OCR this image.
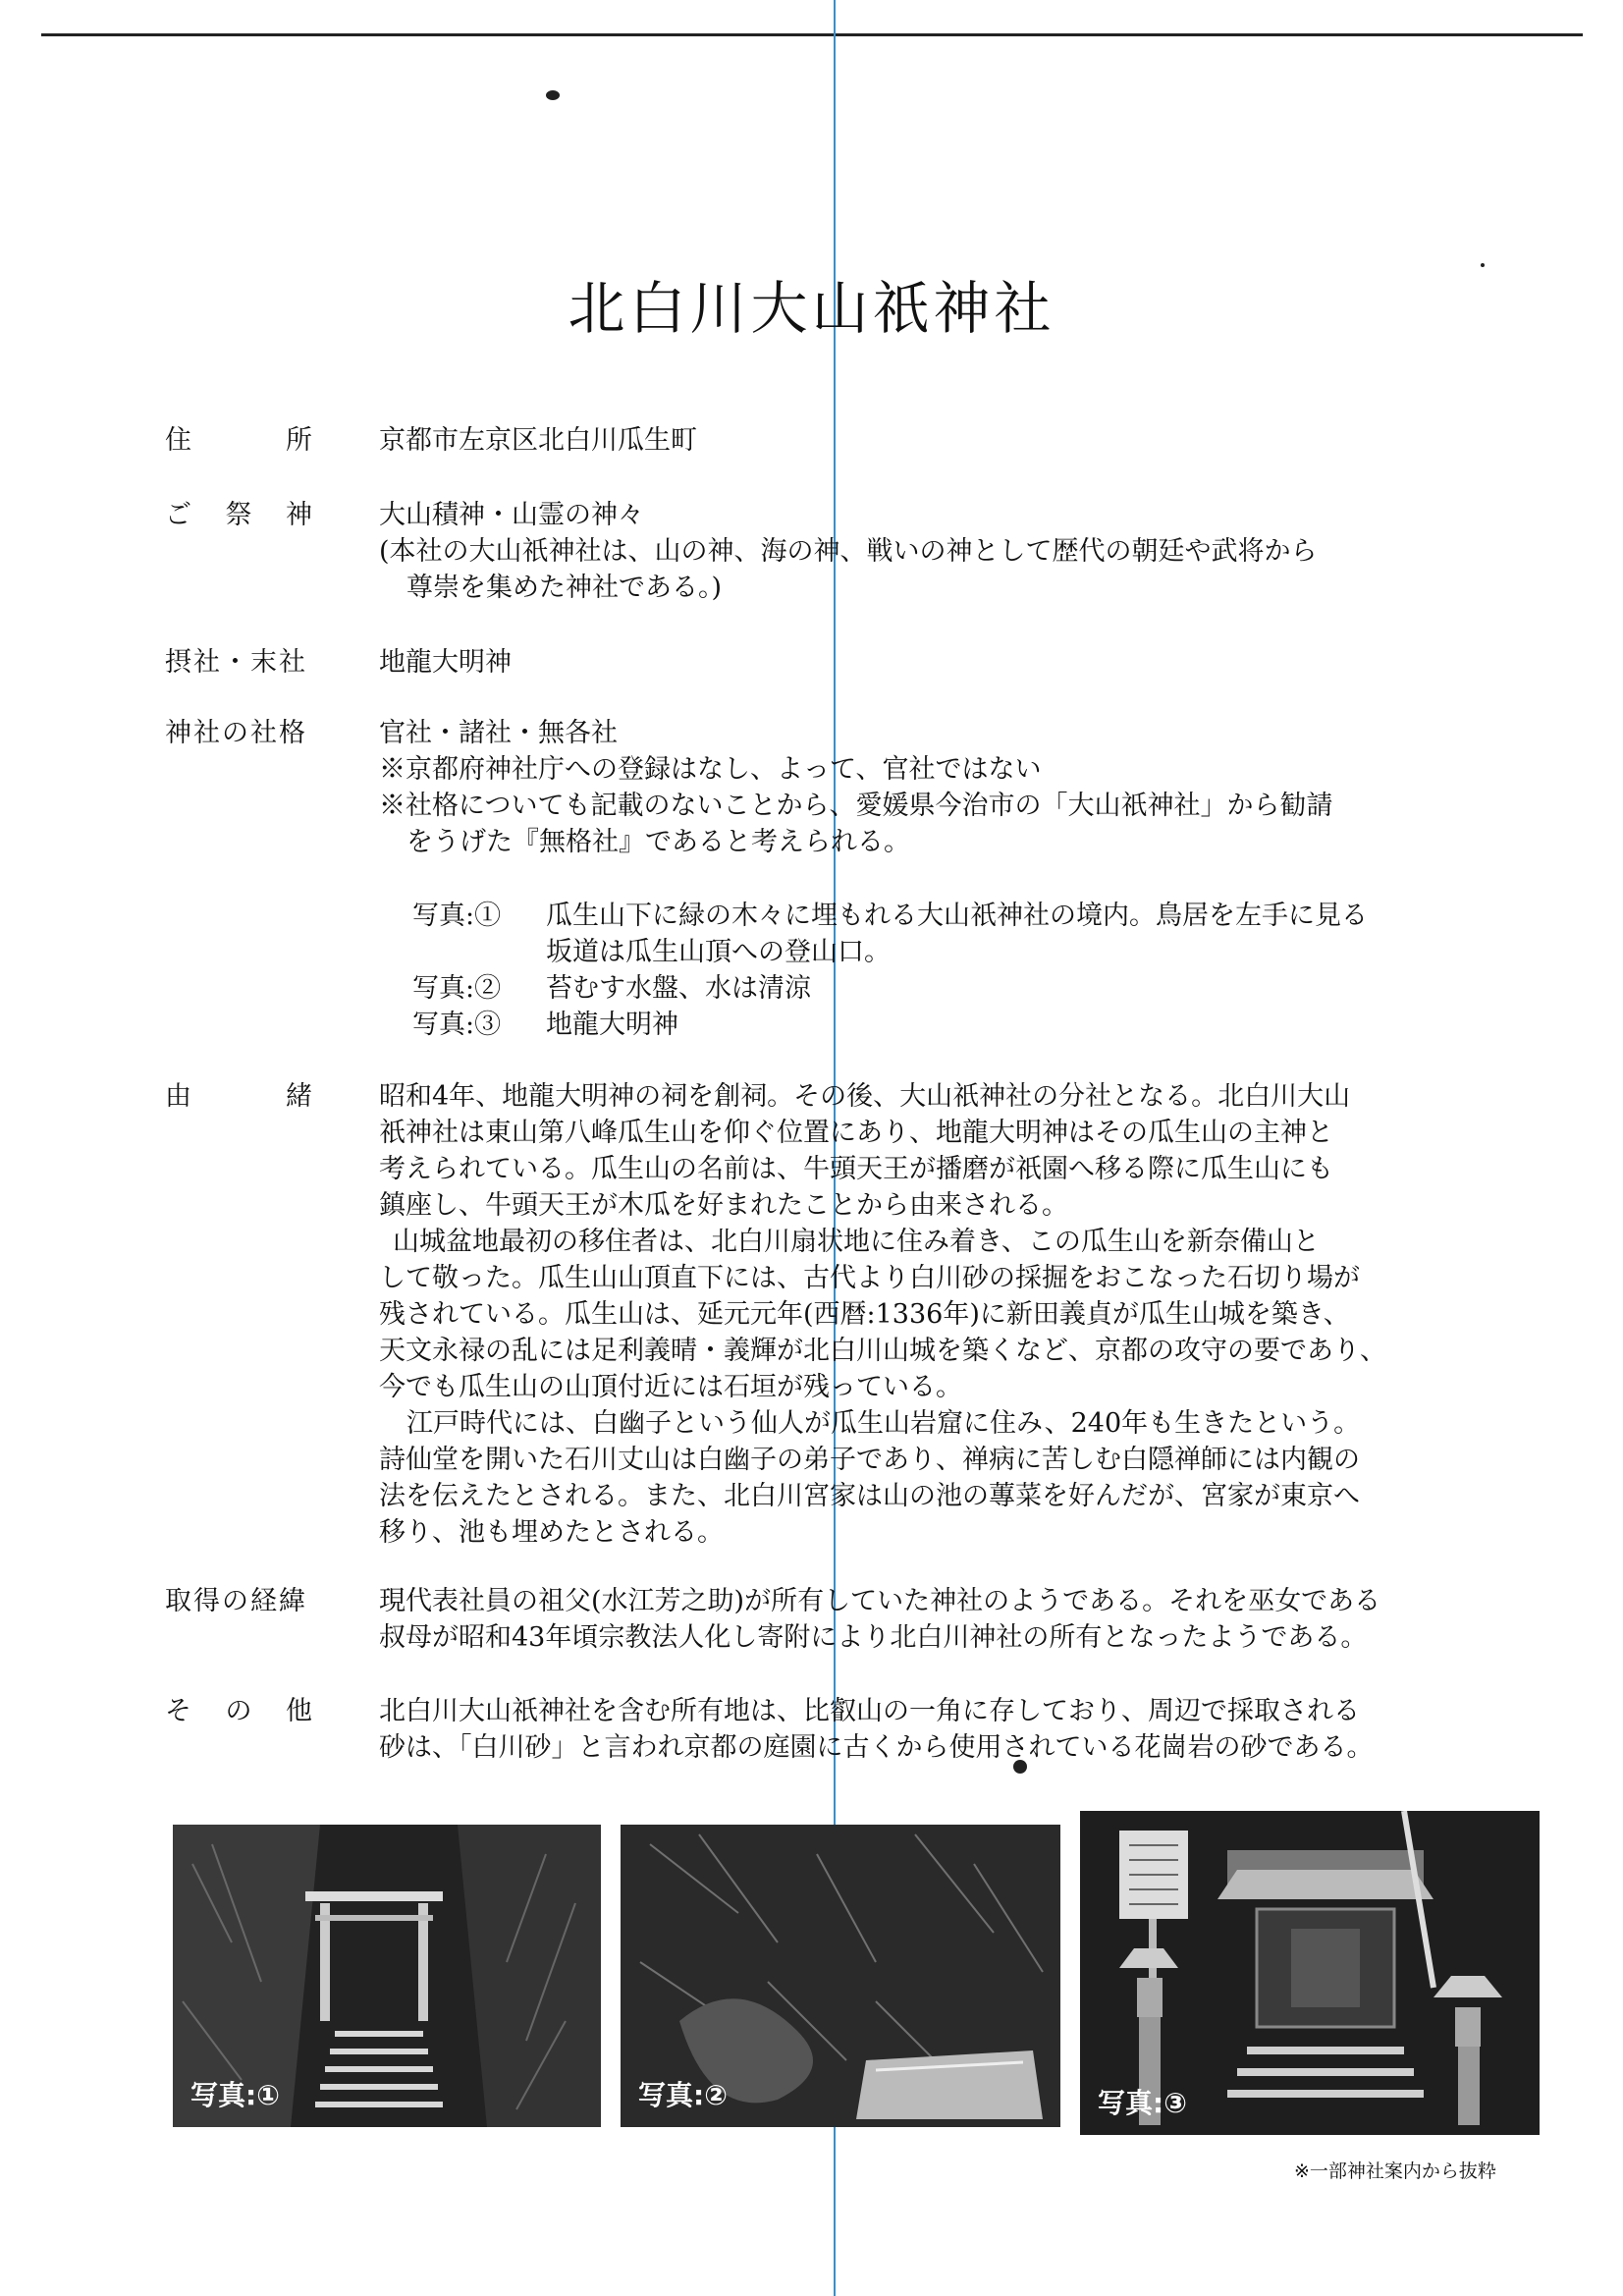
北白川大山祇神社
住	所	京都市左京区北白川瓜生町
ご 祭 神	大山積神・山霊の神々
(本社の大山祇神社は、山の神、海の神、戦いの神として歴代の朝廷や武将から
尊崇を集めた神社である。)
摂社・末社	地龍大明神
神社の社格	官社・諸社・無各社
※京都府神社庁への登録はなし、よって、官社ではない
※社格についても記載のないことから、愛媛県今治市の「大山祇神社」から勧請
をうげた『無格社』であると考えられる。
写真:① 瓜生山下に緑の木々に埋もれる大山祇神社の境内。鳥居を左手に見る
坂道は瓜生山頂への登山口。
写真:② 苔むす水盤、水は清涼
写真:③ 地龍大明神
由	緒	昭和4年、地龍大明神の祠を創祠。その後、大山祇神社の分社となる。北白川大山
祇神社は東山第八峰瓜生山を仰ぐ位置にあり、地龍大明神はその瓜生山の主神と
考えられている。瓜生山の名前は、牛頭天王が播磨が祇園へ移る際に瓜生山にも
鎮座し、牛頭天王が木瓜を好まれたことから由来される。
山城盆地最初の移住者は、北白川扇状地に住み着き、この瓜生山を新奈備山と
して敬った。瓜生山山頂直下には、古代より白川砂の採掘をおこなった石切り場が
残されている。瓜生山は、延元元年(西暦:1336年)に新田義貞が瓜生山城を築き、
天文永禄の乱には足利義晴・義輝が北白川山城を築くなど、京都の攻守の要であり、
今でも瓜生山の山頂付近には石垣が残っている。
江戸時代には、白幽子という仙人が瓜生山岩窟に住み、240年も生きたという。
詩仙堂を開いた石川丈山は白幽子の弟子であり、禅病に苦しむ白隠禅師には内観の
法を伝えたとされる。また、北白川宮家は山の池の蓴菜を好んだが、宮家が東京へ
移り、池も埋めたとされる。
取得の経緯	現代表社員の祖父(水江芳之助)が所有していた神社のようである。それを巫女である
叔母が昭和43年頃宗教法人化し寄附により北白川神社の所有となったようである。
そ の 他	北白川大山祇神社を含む所有地は、比叡山の一角に存しており、周辺で採取される
砂は、「白川砂」と言われ京都の庭園に古くから使用されている花崗岩の砂である。
写真:①	写真:②	写真:③
※一部神社案内から抜粋
